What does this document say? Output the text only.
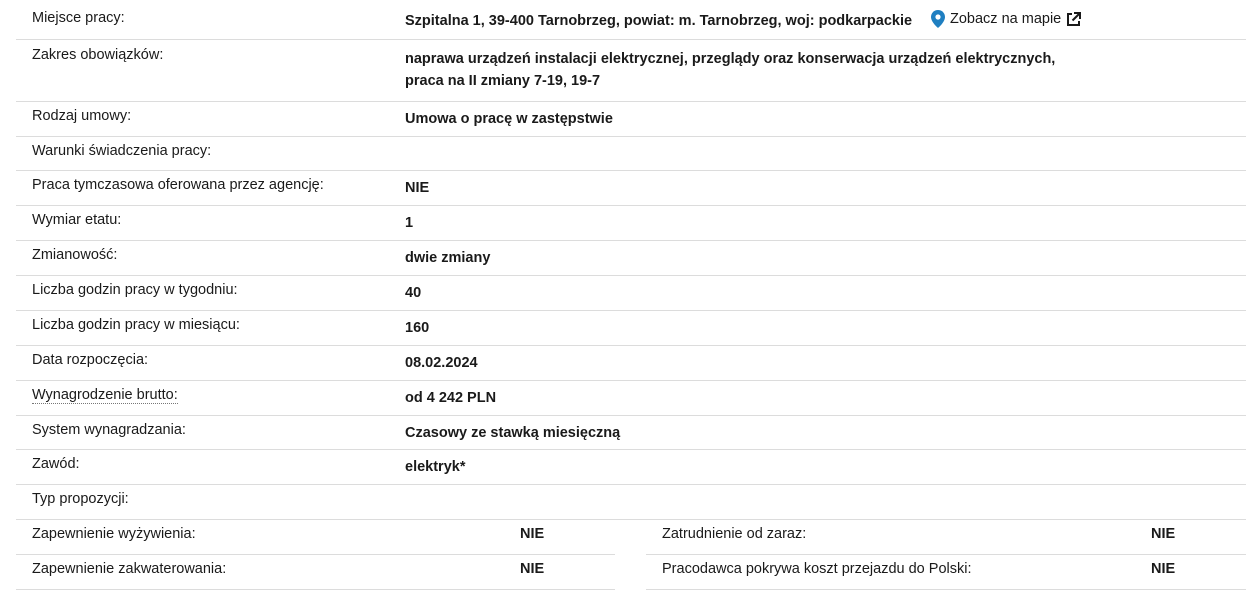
Miejsce pracy:	Szpitalna 1, 39-400 Tarnobrzeg, powiat: m. Tarnobrzeg, woj: podkarpackie	Zobacz na mapie
Zakres obowiązków:	naprawa urządzeń instalacji elektrycznej, przeglądy oraz konserwacja urządzeń elektrycznych,
praca na II zmiany 7-19, 19-7
Rodzaj umowy:	Umowa o pracę w zastępstwie
Warunki świadczenia pracy:
Praca tymczasowa oferowana przez agencję:	NIE
Wymiar etatu:	1
Zmianowość:	dwie zmiany
Liczba godzin pracy w tygodniu:	40
Liczba godzin pracy w miesiącu:	160
Data rozpoczęcia:	08.02.2024
Wynagrodzenie brutto:	od 4 242 PLN
System wynagradzania:	Czasowy ze stawką miesięczną
Zawód:	elektryk*
Typ propozycji:
Zapewnienie wyżywienia:	NIE
Zapewnienie zakwaterowania:	NIE
Zatrudnienie od zaraz:	NIE
Pracodawca pokrywa koszt przejazdu do Polski:	NIE
